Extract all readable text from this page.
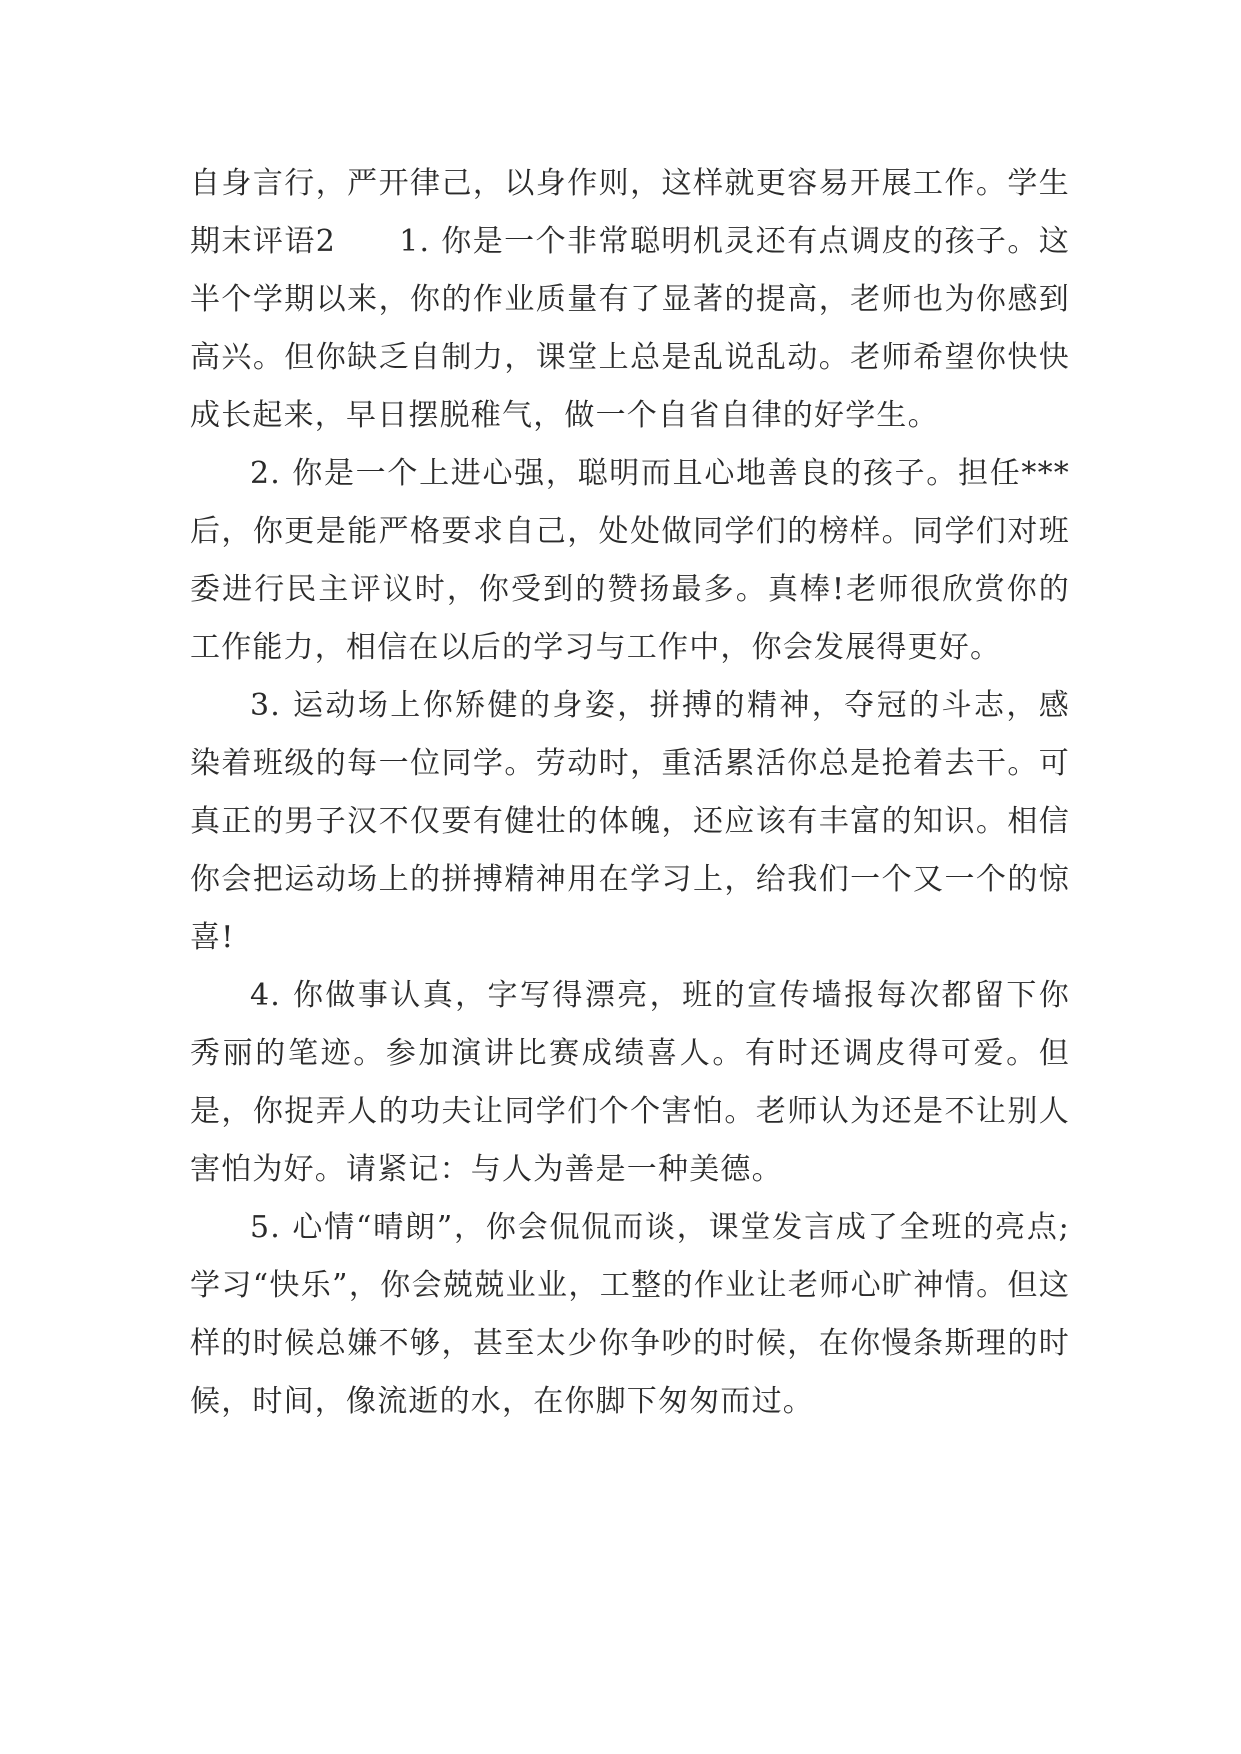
自身言行，严开律己，以身作则，这样就更容易开展工作。学生期末评语2　　1. 你是一个非常聪明机灵还有点调皮的孩子。这半个学期以来，你的作业质量有了显著的提高，老师也为你感到高兴。但你缺乏自制力，课堂上总是乱说乱动。老师希望你快快成长起来，早日摆脱稚气，做一个自省自律的好学生。

2. 你是一个上进心强，聪明而且心地善良的孩子。担任***后，你更是能严格要求自己，处处做同学们的榜样。同学们对班委进行民主评议时，你受到的赞扬最多。真棒!老师很欣赏你的工作能力，相信在以后的学习与工作中，你会发展得更好。

3. 运动场上你矫健的身姿，拼搏的精神，夺冠的斗志，感染着班级的每一位同学。劳动时，重活累活你总是抢着去干。可真正的男子汉不仅要有健壮的体魄，还应该有丰富的知识。相信你会把运动场上的拼搏精神用在学习上，给我们一个又一个的惊喜!

4. 你做事认真，字写得漂亮，班的宣传墙报每次都留下你秀丽的笔迹。参加演讲比赛成绩喜人。有时还调皮得可爱。但是，你捉弄人的功夫让同学们个个害怕。老师认为还是不让别人害怕为好。请紧记：与人为善是一种美德。

5. 心情“晴朗”，你会侃侃而谈，课堂发言成了全班的亮点;学习“快乐”，你会兢兢业业，工整的作业让老师心旷神情。但这样的时候总嫌不够，甚至太少你争吵的时候，在你慢条斯理的时候，时间，像流逝的水，在你脚下匆匆而过。
